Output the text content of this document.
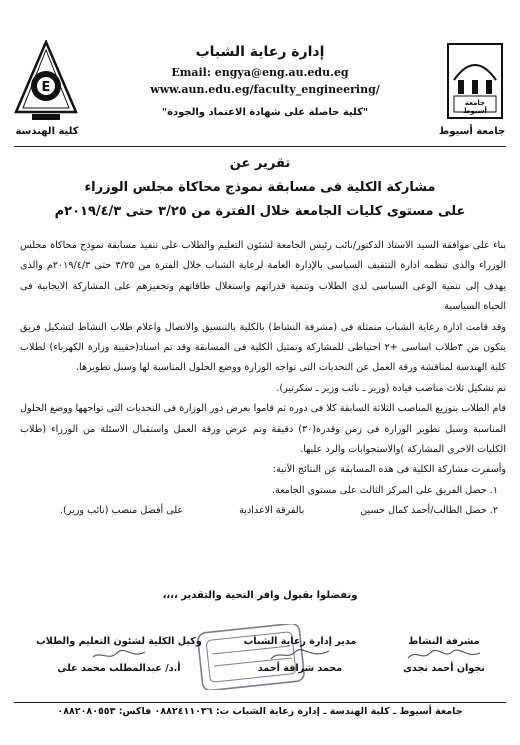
E
كلية الهندسة
جامعة أسيوط
جامعة أسيوط
إدارة رعاية الشباب
Email: engya@eng.au.edu.eg
www.aun.edu.eg/faculty_engineering/
"كلية حاصلة على شهادة الاعتماد والجودة"
تقرير عن
مشاركة الكلية فى مسابقة نموذج محاكاة مجلس الوزراء
على مستوى كليات الجامعة خلال الفترة من ٣/٢٥ حتى ٢٠١٩/٤/٣م

بناء على موافقة السيد الاستاذ الدكتور/نائب رئيس الجامعة لشئون التعليم والطلاب على تنفيذ مسابقة نموذج محاكاة مجلس الوزراء والذى تنظمه ادارة التثقيف السياسى بالإدارة العامة لرعاية الشباب خلال الفترة من ٣/٢٥ حتى ٢٠١٩/٤/٣م والذى يهدف إلى تنمية الوعى السياسى لدى الطلاب وتنمية قدراتهم واستغلال طاقاتهم وتحفيزهم على المشاركة الايجابية فى الحياة السياسية

وقد قامت ادارة رعاية الشباب متمثلة فى (مشرفة النشاط) بالكلية بالتنسيق والاتصال واعلام طلاب النشاط لتشكيل فريق يتكون من ٣طلاب اساسى +٢ احتياطى للمشاركة وتمثيل الكلية فى المسابقة وقد تم اسناد(حقيبة وزارة الكهرباء) لطلاب كلية الهندسة لمناقشة ورقة العمل عن التحديات التى تواجه الوزارة ووضع الحلول المناسبة لها وسبل تطويرها.

تم تشكيل ثلاث مناصب قيادة (وزير ـ نائب وزير ـ سكرتير).

قام الطلاب بتوزيع المناصب الثلاثة السابقة كلا فى دوره ثم قاموا بعرض دور الوزارة فى التحديات التى تواجهها ووضع الحلول المناسبة وسبل تطوير الوزارة فى زمن وقدره(٣٠) دقيقة وتم عرض ورقة العمل واستقبال الاسئلة من الوزراء (طلاب الكليات الاخرى المشاركة )والاستجوابات والرد عليها.

وأسفرت مشاركة الكلية فى هذه المسابقة عن النتائج الآتية:

١. حصل الفريق على المركز الثالث على مستوى الجامعة.

٢. حصل الطالب/أحمد كمال حسين
بالفرقة الاعدادية
على أفضل منصب (نائب وزير).
وتفضلوا بقبول وافر التحية والتقدير ،،،،
مشرفة النشاط
نجوان أحمد نجدى
مدير إدارة رعاية الشباب
محمد شراقة أحمد
وكيل الكلية لشئون التعليم والطلاب
أ.د/ عبدالمطلب محمد على
جامعة أسيوط ـ كلية الهندسة ـ إدارة رعاية الشباب ت: ٠٨٨٢٤١١٠٣٦ فاكس: ٠٨٨٢٠٨٠٥٥٣
